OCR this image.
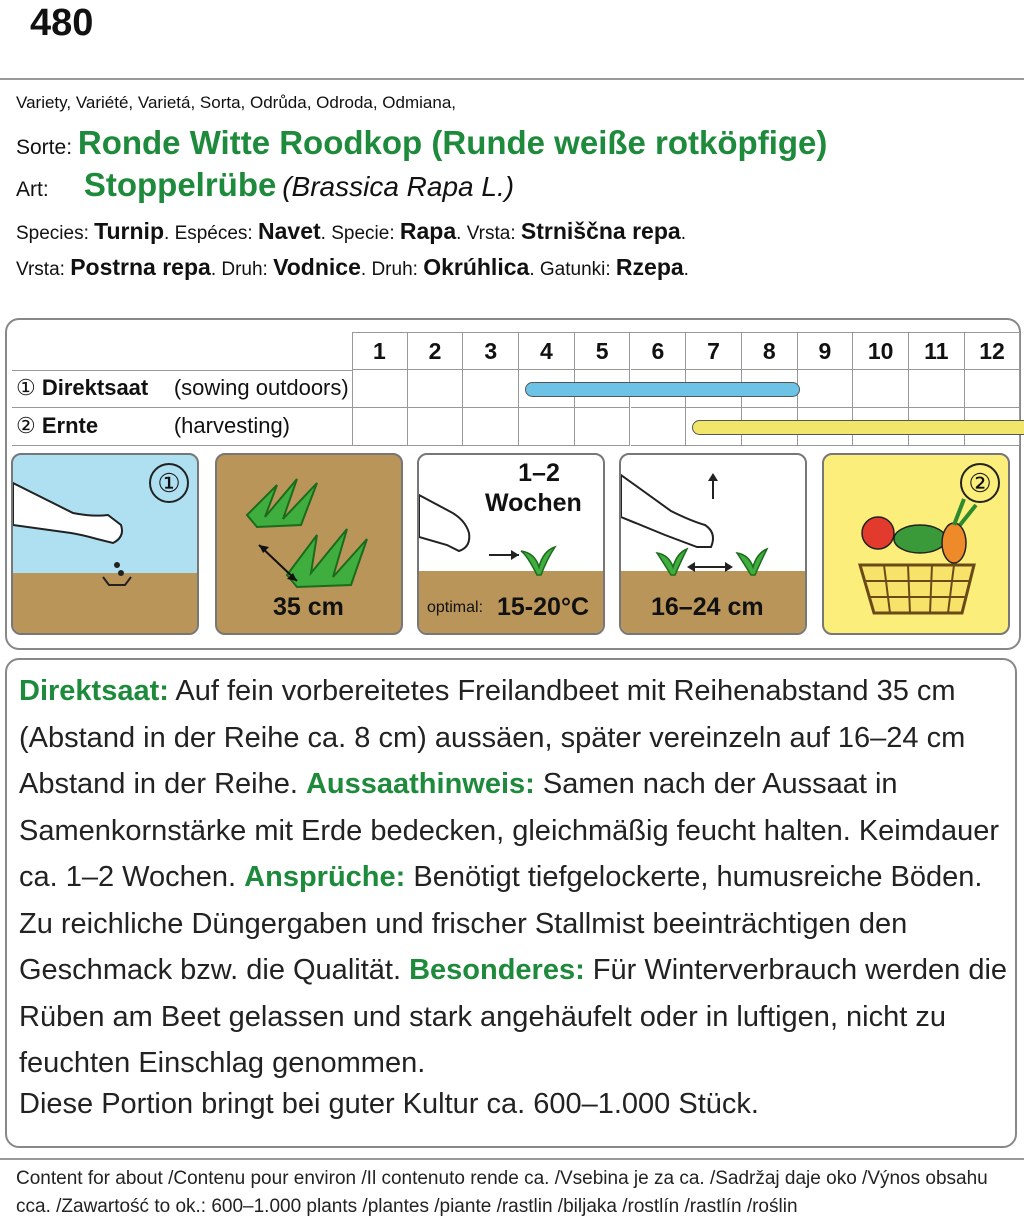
480
Variety, Variété, Varietá, Sorta, Odrůda, Odroda, Odmiana,
Sorte: Ronde Witte Roodkop (Runde weiße rotköpfige)
Art: Stoppelrübe (Brassica Rapa L.)
Species: Turnip. Espéces: Navet. Specie: Rapa. Vrsta: Strniščna repa.
Vrsta: Postrna repa. Druh: Vodnice. Druh: Okrúhlica. Gatunki: Rzepa.
1	2	3	4	5	6	7	8	9	10	11	12
① Direktsaat (sowing outdoors)
② Ernte	(harvesting)
①
35 cm
1–2
Wochen
optimal: 15-20°C 16–24 cm
②
Direktsaat: Auf fein vorbereitetes Freilandbeet mit Reihenabstand 35 cm (Abstand in der Reihe ca. 8 cm) aussäen, später vereinzeln auf 16–24 cm Abstand in der Reihe. Aussaathinweis: Samen nach der Aussaat in Samenkornstärke mit Erde bedecken, gleichmäßig feucht halten. Keimdauer ca. 1–2 Wochen. Ansprüche: Benötigt tiefgelockerte, humusreiche Böden. Zu reichliche Düngergaben und frischer Stallmist beeinträchtigen den Geschmack bzw. die Qualität. Besonderes: Für Winterverbrauch werden die Rüben am Beet gelassen und stark angehäufelt oder in luftigen, nicht zu feuchten Einschlag genommen.
Diese Portion bringt bei guter Kultur ca. 600–1.000 Stück.
Content for about /Contenu pour environ /Il contenuto rende ca. /Vsebina je za ca. /Sadržaj daje oko /Výnos obsahu cca. /Zawartość to ok.: 600–1.000 plants /plantes /piante /rastlin /biljaka /rostlín /rastlín /roślin
